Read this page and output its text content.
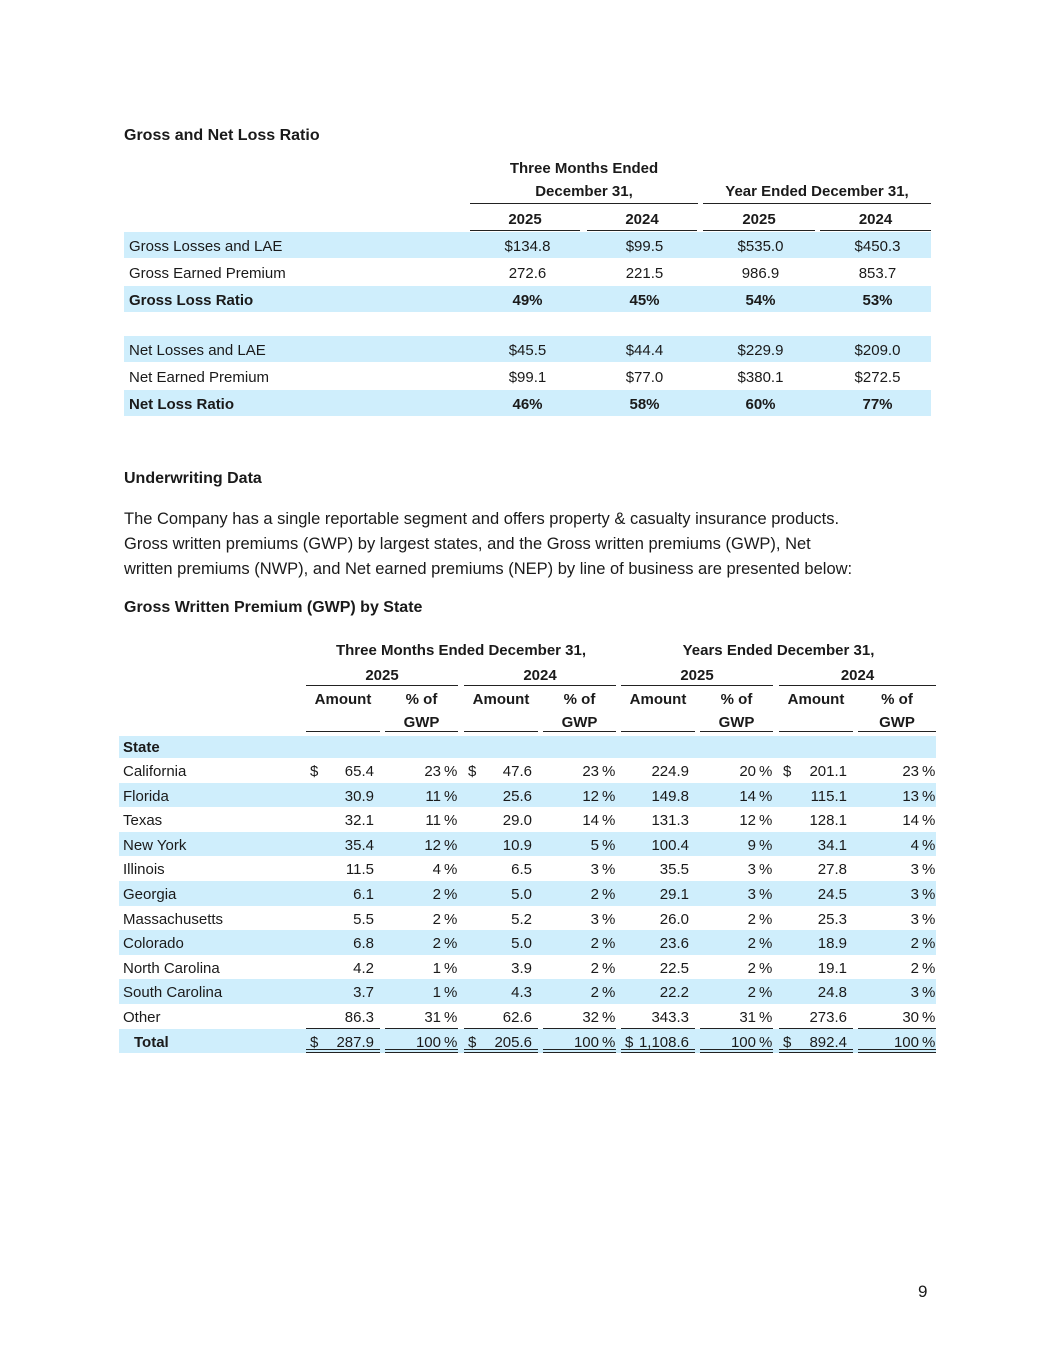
Gross and Net Loss Ratio
Three Months Ended
December 31,	Year Ended December 31,
2025	2024	2025	2024
Gross Losses and LAE	$134.8	$99.5	$535.0	$450.3
Gross Earned Premium	272.6	221.5	986.9	853.7
Gross Loss Ratio	49%	45%	54%	53%
Net Losses and LAE	$45.5	$44.4	$229.9	$209.0
Net Earned Premium	$99.1	$77.0	$380.1	$272.5
Net Loss Ratio	46%	58%	60%	77%
Underwriting Data
The Company has a single reportable segment and offers property & casualty insurance products.
Gross written premiums (GWP) by largest states, and the Gross written premiums (GWP), Net
written premiums (NWP), and Net earned premiums (NEP) by line of business are presented below:
Gross Written Premium (GWP) by State
Three Months Ended December 31,	Years Ended December 31,
2025	2024	2025	2024
Amount	% of
GWP
Amount	% of
GWP
Amount	% of
GWP
Amount	% of
GWP
State
California	$	65.4	23 % $	47.6	23 %	224.9	20 % $	201.1	23 %
Florida	30.9	11 %	25.6	12 %	149.8	14 %	115.1	13 %
Texas	32.1	11 %	29.0	14 %	131.3	12 %	128.1	14 %
New York	35.4	12 %	10.9	5 %	100.4	9 %	34.1	4 %
Illinois	11.5	4 %	6.5	3 %	35.5	3 %	27.8	3 %
Georgia	6.1	2 %	5.0	2 %	29.1	3 %	24.5	3 %
Massachusetts	5.5	2 %	5.2	3 %	26.0	2 %	25.3	3 %
Colorado	6.8	2 %	5.0	2 %	23.6	2 %	18.9	2 %
North Carolina	4.2	1 %	3.9	2 %	22.5	2 %	19.1	2 %
South Carolina	3.7	1 %	4.3	2 %	22.2	2 %	24.8	3 %
Other	86.3	31 %	62.6	32 %	343.3	31 %	273.6	30 %
Total	$	287.9	100 % $	205.6	100 % $ 1,108.6	100 % $	892.4	100 %
9
